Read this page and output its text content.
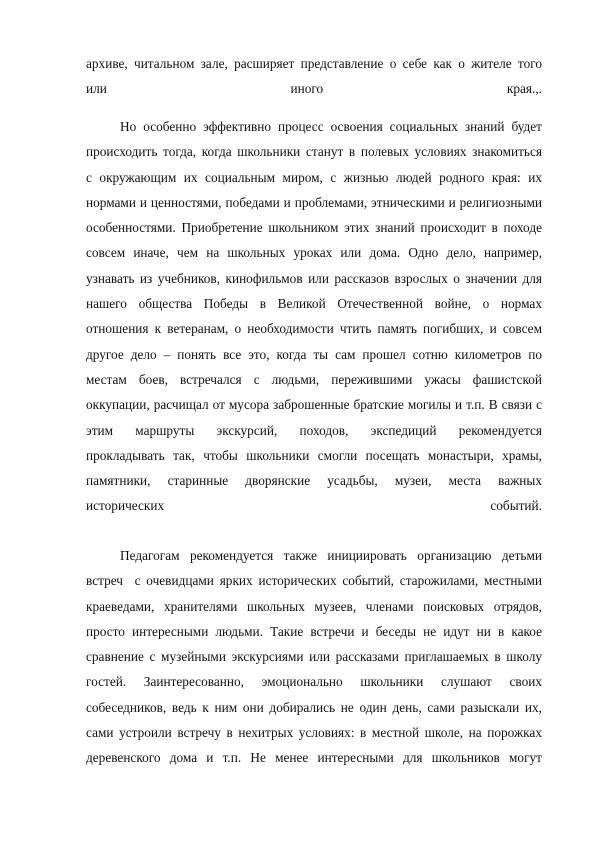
архиве, читальном зале, расширяет представление о себе как о жителе того

или иного края.,.

Но особенно эффективно процесс освоения социальных знаний будет

происходить тогда, когда школьники станут в полевых условиях знакомиться

с окружающим их социальным миром, с жизнью людей родного края: их

нормами и ценностями, победами и проблемами, этническими и религиозными

особенностями. Приобретение школьником этих знаний происходит в походе

совсем иначе, чем на школьных уроках или дома. Одно дело, например,

узнавать из учебников, кинофильмов или рассказов взрослых о значении для

нашего общества Победы в Великой Отечественной войне, о нормах

отношения к ветеранам, о необходимости чтить память погибших, и совсем

другое дело – понять все это, когда ты сам прошел сотню километров по

местам боев, встречался с людьми, пережившими ужасы фашистской

оккупации, расчищал от мусора заброшенные братские могилы и т.п. В связи с

этим маршруты экскурсий, походов, экспедиций рекомендуется

прокладывать так, чтобы школьники смогли посещать монастыри, храмы,

памятники, старинные дворянские усадьбы, музеи, места важных

исторических событий.

Педагогам рекомендуется также инициировать организацию детьми

встреч  с очевидцами ярких исторических событий, старожилами, местными

краеведами, хранителями школьных музеев, членами поисковых отрядов,

просто интересными людьми. Такие встречи и беседы не идут ни в какое

сравнение с музейными экскурсиями или рассказами приглашаемых в школу

гостей. Заинтересованно, эмоционально школьники слушают своих

собеседников, ведь к ним они добирались не один день, сами разыскали их,

сами устроили встречу в нехитрых условиях: в местной школе, на порожках

деревенского дома и т.п. Не менее интересными для школьников могут
